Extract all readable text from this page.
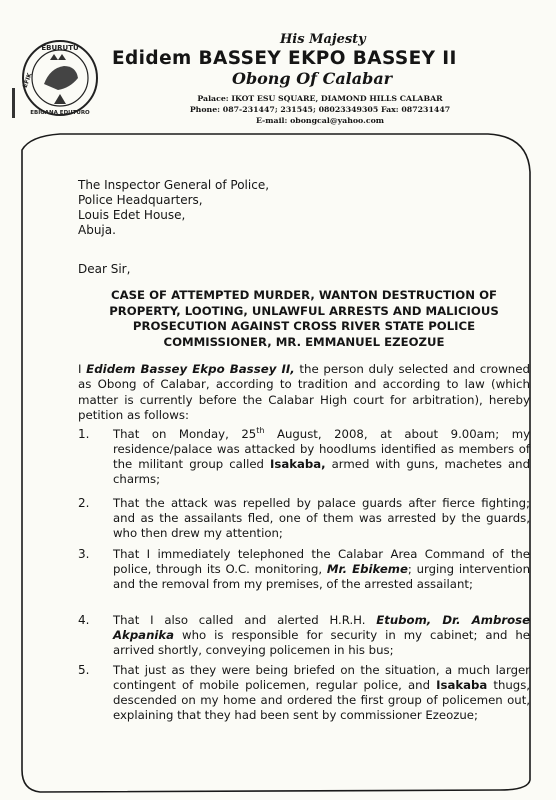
EBURUTU
EFIK
EBIGANA EDUTURO
His Majesty
Edidem BASSEY EKPO BASSEY II
Obong Of Calabar
Palace: IKOT ESU SQUARE, DIAMOND HILLS CALABAR
Phone: 087-231447; 231545; 08023349305 Fax: 087231447
E-mail: obongcal@yahoo.com
The Inspector General of Police,
Police Headquarters,
Louis Edet House,
Abuja.
Dear Sir,
CASE OF ATTEMPTED MURDER, WANTON DESTRUCTION OF
PROPERTY, LOOTING, UNLAWFUL ARRESTS AND MALICIOUS
PROSECUTION AGAINST CROSS RIVER STATE POLICE
COMMISSIONER, MR. EMMANUEL EZEOZUE
I Edidem Bassey Ekpo Bassey II, the person duly selected and crowned as Obong of Calabar, according to tradition and according to law (which matter is currently before the Calabar High court for arbitration), hereby petition as follows:
1. That on Monday, 25th August, 2008, at about 9.00am; my residence/palace was attacked by hoodlums identified as members of the militant group called Isakaba, armed with guns, machetes and charms;
2. That the attack was repelled by palace guards after fierce fighting; and as the assailants fled, one of them was arrested by the guards, who then drew my attention;
3. That I immediately telephoned the Calabar Area Command of the police, through its O.C. monitoring, Mr. Ebikeme; urging intervention and the removal from my premises, of the arrested assailant;
4. That I also called and alerted H.R.H. Etubom, Dr. Ambrose Akpanika who is responsible for security in my cabinet; and he arrived shortly, conveying policemen in his bus;
5. That just as they were being briefed on the situation, a much larger contingent of mobile policemen, regular police, and Isakaba thugs, descended on my home and ordered the first group of policemen out, explaining that they had been sent by commissioner Ezeozue;
